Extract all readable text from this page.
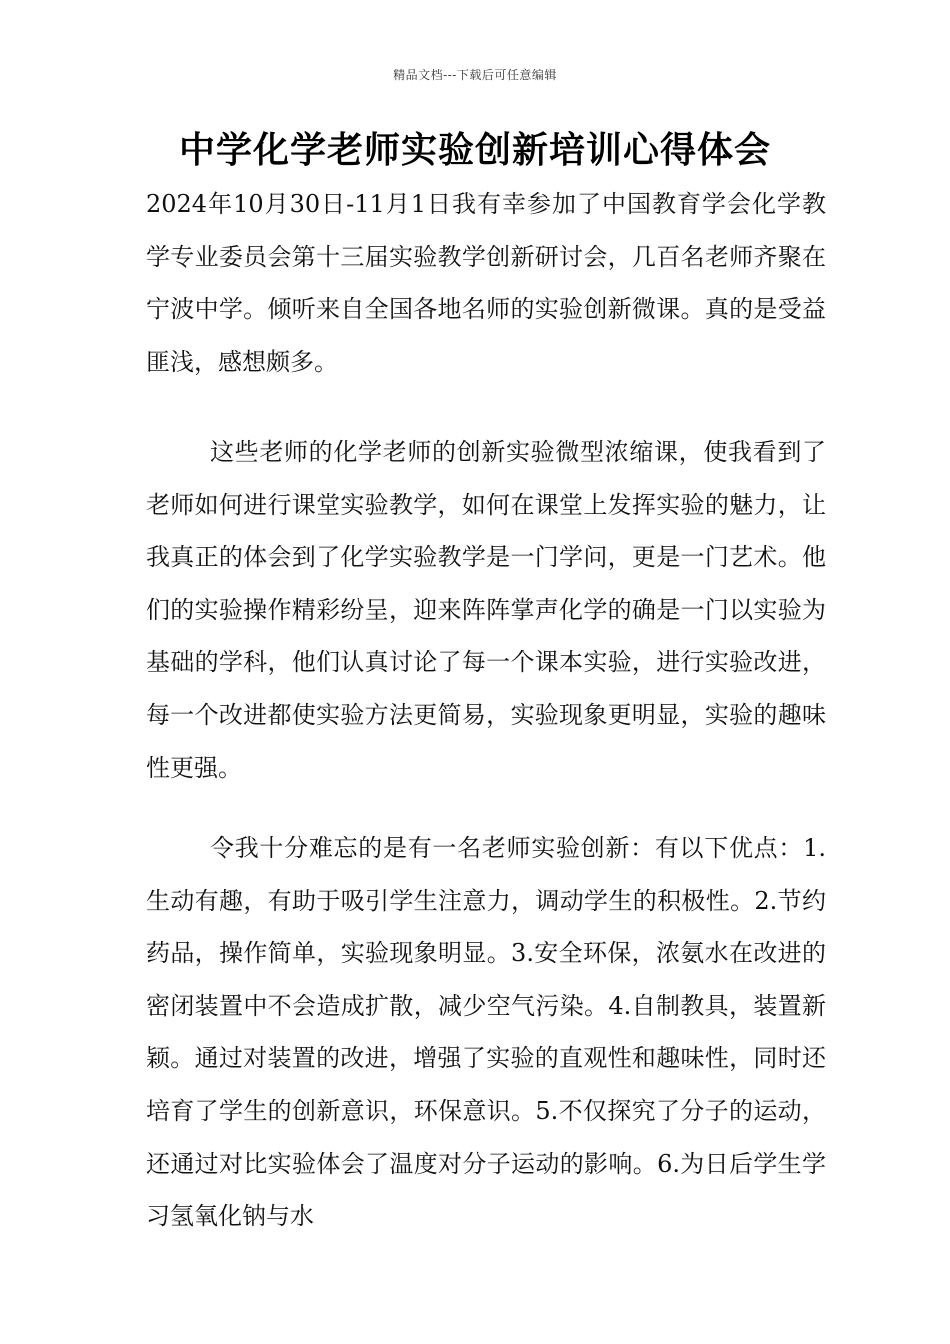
精品文档---下载后可任意编辑
中学化学老师实验创新培训心得体会

2024年10月30日-11月1日我有幸参加了中国教育学会化学教学专业委员会第十三届实验教学创新研讨会，几百名老师齐聚在宁波中学。倾听来自全国各地名师的实验创新微课。真的是受益匪浅，感想颇多。

这些老师的化学老师的创新实验微型浓缩课，使我看到了老师如何进行课堂实验教学，如何在课堂上发挥实验的魅力，让我真正的体会到了化学实验教学是一门学问，更是一门艺术。他们的实验操作精彩纷呈，迎来阵阵掌声化学的确是一门以实验为基础的学科，他们认真讨论了每一个课本实验，进行实验改进，每一个改进都使实验方法更简易，实验现象更明显，实验的趣味性更强。

令我十分难忘的是有一名老师实验创新：有以下优点：1.生动有趣，有助于吸引学生注意力，调动学生的积极性。2.节约药品，操作简单，实验现象明显。3.安全环保，浓氨水在改进的密闭装置中不会造成扩散，减少空气污染。4.自制教具，装置新颖。通过对装置的改进，增强了实验的直观性和趣味性，同时还培育了学生的创新意识，环保意识。5.不仅探究了分子的运动，还通过对比实验体会了温度对分子运动的影响。6.为日后学生学习氢氧化钠与水
